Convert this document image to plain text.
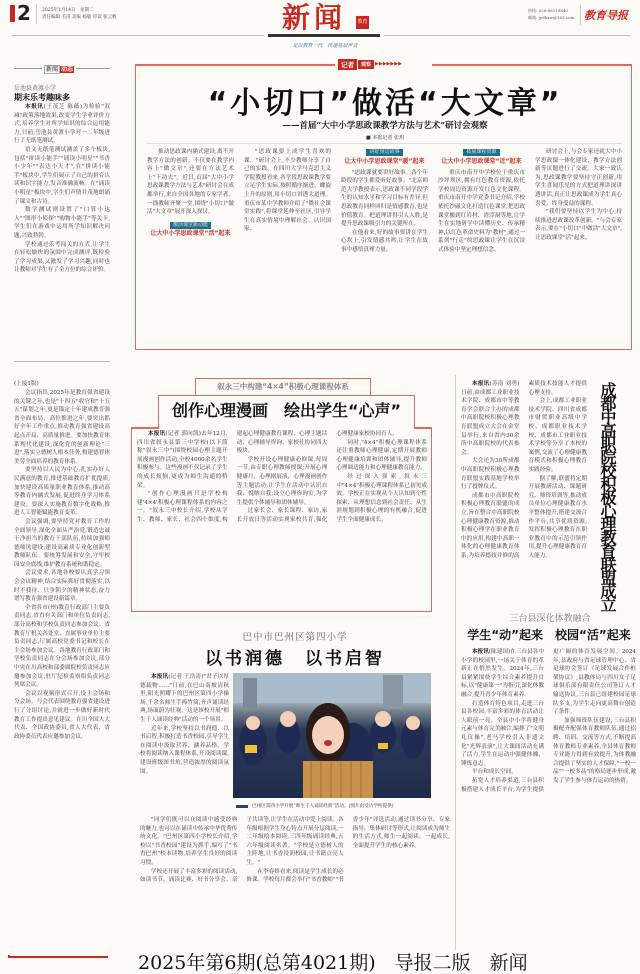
2 2025年1月14日　星期二
责任编辑 毛哥 美编 杨敏 审读 张云帆	新闻 教育
足以教育一代　传递基层声音
热线: 028-86119840
邮箱: jydbxw@163.com 教育导报
新闻 动态
岳池县黄渡小学
期末乐考趣味多

本报讯(王茂芝 陈薇)为检验"双减"政策落地效果,改变学生学业评价方式,培养学生对所学知识的综合运用能力,日前,岳池县黄渡小学对一二年级进行了无纸笔测试。

语文无纸笔测试涵盖了多个板块,包括"拼读小能手""诵读小明星""书香小少年""表达小天才",在"拼读小能手"板块中,学生们展示了自己的拼音认读和识字能力,发音准确流畅。在"诵读小明星"板块中,学生们声情并茂地朗诵了课文和古诗。

数学测试则设置了"口算小达人""图形小侦探""购物小能手"等关卡,学生们在游戏中运用所学知识解决问题,兴致勃勃。

学校通过乐考闯关的方式,让学生在轻松愉快的氛围中完成测评,既检验了学习成果,又激发了学习兴趣,同时也让教师对学生有了全方位的综合评价。

(上接1版)

会议指出,2025年是教育强省建设的关键之年,也是"十四五"收官和"十五五"谋划之年,更是锚定十年建成教育强省全面布局、高位推进之年,要突出抓好全年工作重点,推动教育强省建设高起点开局、高质量推进。要加快教育体系现代化建设,深化党的创新理论"三进",落实立德树人根本任务,构建德智体美劳全面培养的教育体系。

要坚持以人民为中心,扎实办好人民满意的教育,推进基础教育扩优提质,加快建设高质量职业教育体系,推动高等教育内涵式发展,促进终身学习体系建设。要深入实施教育数字化战略,推进人工智能赋能教育变革。

会议强调,要坚持党对教育工作的全面领导,深化全面从严治党,锻造忠诚干净担当的教育干部队伍,持续加强师德师风建设,建设高素质专业化创新型教师队伍。要统筹发展和安全,守牢校园安全底线,维护教育系统和谐稳定。

会议要求,各地各校要认真学习领会会议精神,结合实际抓好贯彻落实,以时不我待、只争朝夕的精神状态,奋力谱写教育强省建设新篇章。

全省各市(州)教育行政部门主要负责同志,省直有关部门和单位负责同志,部分高校和学校负责同志参加会议。省教育厅机关各处室、直属事业单位主要负责同志,厅属高校党委书记和校长在主会场参加会议。各地教育行政部门和学校负责同志在分会场参加会议,部分中央在川高校和部委属院校负责同志应邀参加会议,驻厅纪检监察组负责同志列席会议。

会议以视频形式召开,设主会场和分会场。与会代表围绕教育强省建设进行了分组讨论,并就进一步做好新时代教育工作提出意见建议。在川全国人大代表、全国政协委员,省人大代表、省政协委员代表应邀参加会议。

记者	观察 ▶▶▶▶▶▶▶
“小切口”做活“大文章”
——首届“大中小学思政课教学方法与艺术”研讨会观察
■ 本报记者 张玥

推动思政课内涵式建设,离不开教学方法的创新。不仅要在教学内容上"做文章",还要在方法艺术上"下功夫"。近日,首届"大中小学思政课教学方法与艺术"研讨会在成都举行,来自全国各地的专家学者、一线教师齐聚一堂,围绕"小切口"做活"大文章"展开深入探讨。

激活课堂新动能
让大中小学思政课堂“活”起来

"思政课要上成学生喜欢的课。"研讨会上,不少教师分享了自己的实践。在四川大学马克思主义学院教授看来,各学段思政课教学要立足学生实际,按照循序渐进、螺旋上升的原则,用小切口讲透大道理。重庆市某中学教师介绍了"微社会课堂实践",将课堂延伸至社区,引导学生在真实情境中理解社会、认识国家。

讲好身边故事
让大中小学思政课堂“暖”起来

"思政课就要讲好故事。各个年龄段的学生都爱听好故事。"北京师范大学教授表示,思政课不同学段学生的认知水平和学习目标有差异,但思政教育同样回归是情感教育,也是价值教育。把道理讲得引人入胜,是提升思政课吸引力的关键所在。

在他看来,好的故事要讲在学生心坎上,引发情感共鸣,让学生在故事中感悟真理力量。

拓展课程资源
让大中小学思政课堂“近”起来

重庆市南开中学校位于重庆市沙坪坝区,拥有红色教育资源,依托学校周边资源开发红色文化课程。重庆市南开中学党委书记介绍,学校依托沙磁文化打造红色课堂,把思政课堂搬到红岩村、渣滓洞等地,让学生在实地研学中读懂历史、传承精神,以红色革命史料为"教材",通过一系列"行走"的思政课让学生在沉浸式体验中坚定理想信念。

研讨会上,与会专家还就大中小学思政课一体化建设、教学方法创新等议题进行了交流。大家一致认为,思政课教学要坚持守正创新,用学生喜闻乐见的方式把道理讲深讲透讲活,真正让思政课成为学生真心喜爱、终身受益的课程。

"我们要坚持以学生为中心,持续推进思政课改革创新。"与会专家表示,要在"小切口"中做活"大文章",让思政课堂"活"起来。

叙永三中构建“4×4”积极心理课程体系
创作心理漫画　绘出学生“心声”

本报讯(记者 郭向凯)去年12月,四川省叙永县第三中学校(以下简称"叙永三中")围绕校园心理主题开展漫画创作活动,全校4000余名学生积极参与。这些漫画不仅记录了学生的成长烦恼,更成为师生沟通的桥梁。

"创作心理漫画只是学校构建'4×4'积极心理课程体系的内容之一。"叙永三中校长介绍,学校从学生、教师、家长、社会四个维度,构建起心理健康教育课程、心理主题活动、心理辅导咨询、家校社协同四大板块。

学校开设心理健康必修课,每周一节,由专职心理教师授课;开展心理健康月、心理剧展演、心理漫画创作等主题活动,让学生在活动中认识自我、悦纳自我;设立心理咨询室,为学生提供个体辅导和团体辅导。

过家长会、家长课程、家访,家长开放日等活动实现家校共育,强化心理健康家校协同育人。

同时,"4×4"积极心理课程体系还注重教师心理健康,定期开展教师心理健康培训和团体辅导,提升教师心理调适能力和心理健康教育能力。

经过深入探索,叙永三中"4×4"积极心理课程体系已初见成效。学校正在实现从个人认知到个性探索、从理想信念到社会责任、从生涯规划到积极心理的有机融合,促进学生全面健康成长。

本报讯(苏南 刘勇)日前,由成都工业职业技术学院、成都市中等教育学会联合主办的成都中高职院校积极心理教育联盟成立大会在金堂县举行,来自省内30余所中高职院校的代表参会。

大会还为30所成都中高职院校积极心理教育联盟实践基地学校举行了授牌仪式。

成都市中高职院校积极心理教育联盟的成立,旨在整合中高职院校心理健康教育资源,推动积极心理学在职业教育中的应用,构建中高职一体化的心理健康教育体系,为培养德技并修的高素质技术技能人才提供心理支持。

会上,成都工业职业技术学院、四川省成都市财贸职业高级中学校、成都职业技术学校、成都市工业职业技术学校等分享了本校的案例,交流了心理健康教育模式和积极心理教育实践经验。

据了解,联盟将定期开展教研活动、课题研究、师资培训等,推动成员单位心理健康教育水平整体提升,搭建交流合作平台,共享优质资源,发挥积极心理教育在职业教育中的示范引领作用,提升心理健康教育育人能力。	成都中高职院校积极心理教育联盟成立
三台县深化体教融合
学生“动”起来　校园“活”起来

本报讯(陈建国)在三台县各中小学的校园里,一场关于体育的革新正在悄然发生。2024年,三台县紧紧围绕学生综合素养提升目标,以"健康第一"为指引,深化体教融合,提升青少年体育素养。

打造体育特色项目,走进三台县各校园,丰富多彩的体育活动让人眼前一亮。全县中小学将健身元素与体育完美融合,编排了"文明礼仪操",老马学校引入非遗文化"光辉表演",让大课间活动充满了活力,学生在运动中强健体魄、锤炼意志。

平台和成长空间。

拓宽人才培养渠道,三台县积极搭建人才成长平台,为学生提供更广阔的体育发展空间。2024年,县政府与省足球管理中心、省足球协会签订《足球发展合作框架协议》,县教体局与四川女子足球俱乐部有限责任公司签订人才输送协议,三台县已组建校园足球队多支,为学生走向更高舞台创造了条件。

加强师资队伍建设,三台县积极配齐配强体育教师队伍,通过招聘、培训、交流等方式,不断提高体育教师专业素养,全县体育教师专业能力得到有效提升,为体教融合提供了坚实的人才保障,"一校一品""一校多品"的格局逐步形成,激发了学生参与体育运动的热情。

巴中市巴州区第四小学
以书润德　以书启智

本报讯(记者 王浩涛)"君子以厚德载物……"日前,在巴山南坡清秋里,阳光照耀下的巴州区第四小学操场,千余名师生手捧竹简,齐声诵读经典,场面蔚为壮观。这是该校开展"师生千人诵读经典"活动的一个场景。

近年来,学校坚持以书润德、以书启智,积极打造书香校园,引导学生在阅读中汲取营养、涵养品格。学校将阅读纳入课程体系,开设阅读课,建设班级图书角,营造浓厚的阅读氛围。

巴州区第四小学开展“师生千人诵读经典”活动。(图片由受访学校提供)

"同学们既可以在阅读中感受经典的魅力,也可以在诵读中传承中华优秀传统文化。"巴州区第四小学校长介绍,学校以"书香校园"建设为抓手,编写了"书香巴州"校本读物,培养学生良好的阅读习惯。

学校还开展了丰富多彩的阅读活动,如读书节、诵读比赛、好书分享会、亲子共读等,让学生在活动中爱上阅读。各年级根据学生身心特点开展分层阅读,一二年级绘本阅读,三四年级诵读经典,五六年级阅读名著。"学校是立德树人的主阵地,让书香浸润校园,让书籍点亮人生。"

在李春娇看来,阅读是学生成长的必修课。学校每月都会举行"书香教师""书香少年"评选活动,通过读书分享、专家指导、集体研讨等形式,让阅读成为师生的生活方式,师生一起阅读、一起成长,全面提升学生的核心素养。

2025年第6期(总第4021期)　导报二版　新闻
